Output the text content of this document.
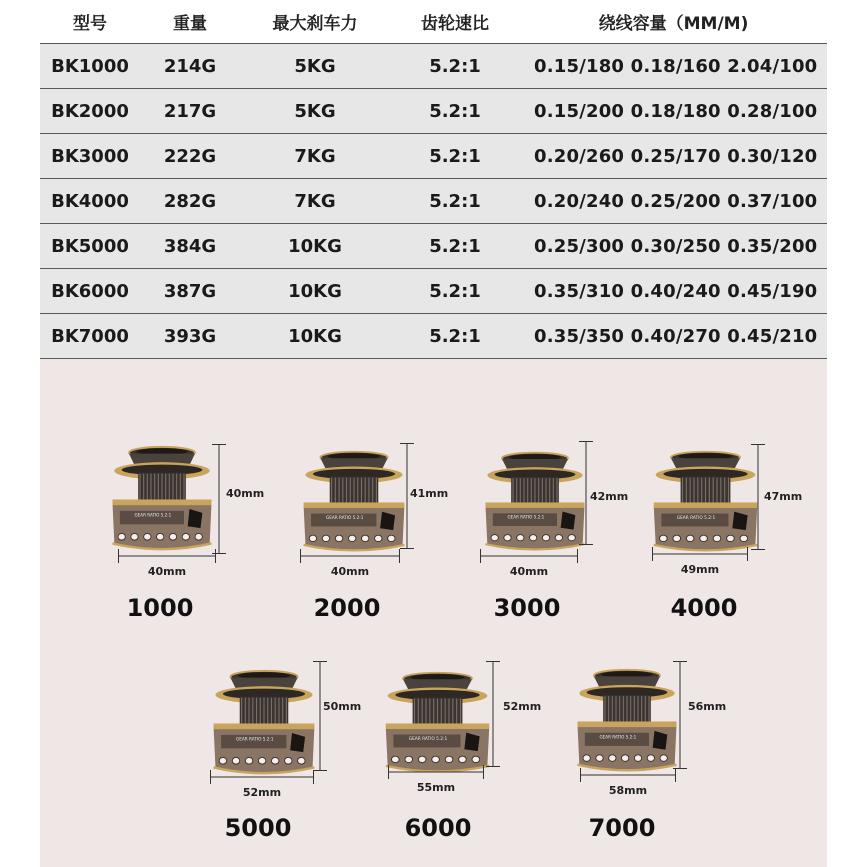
型号	重量	最大刹车力	齿轮速比	绕线容量（MM/M)
BK1000	214G	5KG	5.2:1	0.15/180 0.18/160 2.04/100
BK2000	217G	5KG	5.2:1	0.15/200 0.18/180 0.28/100
BK3000	222G	7KG	5.2:1	0.20/260 0.25/170 0.30/120
BK4000	282G	7KG	5.2:1	0.20/240 0.25/200 0.37/100
BK5000	384G	10KG	5.2:1	0.25/300 0.30/250 0.35/200
BK6000	387G	10KG	5.2:1	0.35/310 0.40/240 0.45/190
BK7000	393G	10KG	5.2:1	0.35/350 0.40/270 0.45/210
GEAR RATIO 5.2:1
40mm
40mm
1000
GEAR RATIO 5.2:1
41mm
40mm
2000
GEAR RATIO 5.2:1
42mm
40mm
3000
GEAR RATIO 5.2:1
47mm
49mm
4000
GEAR RATIO 5.2:1
50mm
52mm
5000
GEAR RATIO 5.2:1
52mm
55mm
6000
GEAR RATIO 5.2:1
56mm
58mm
7000
